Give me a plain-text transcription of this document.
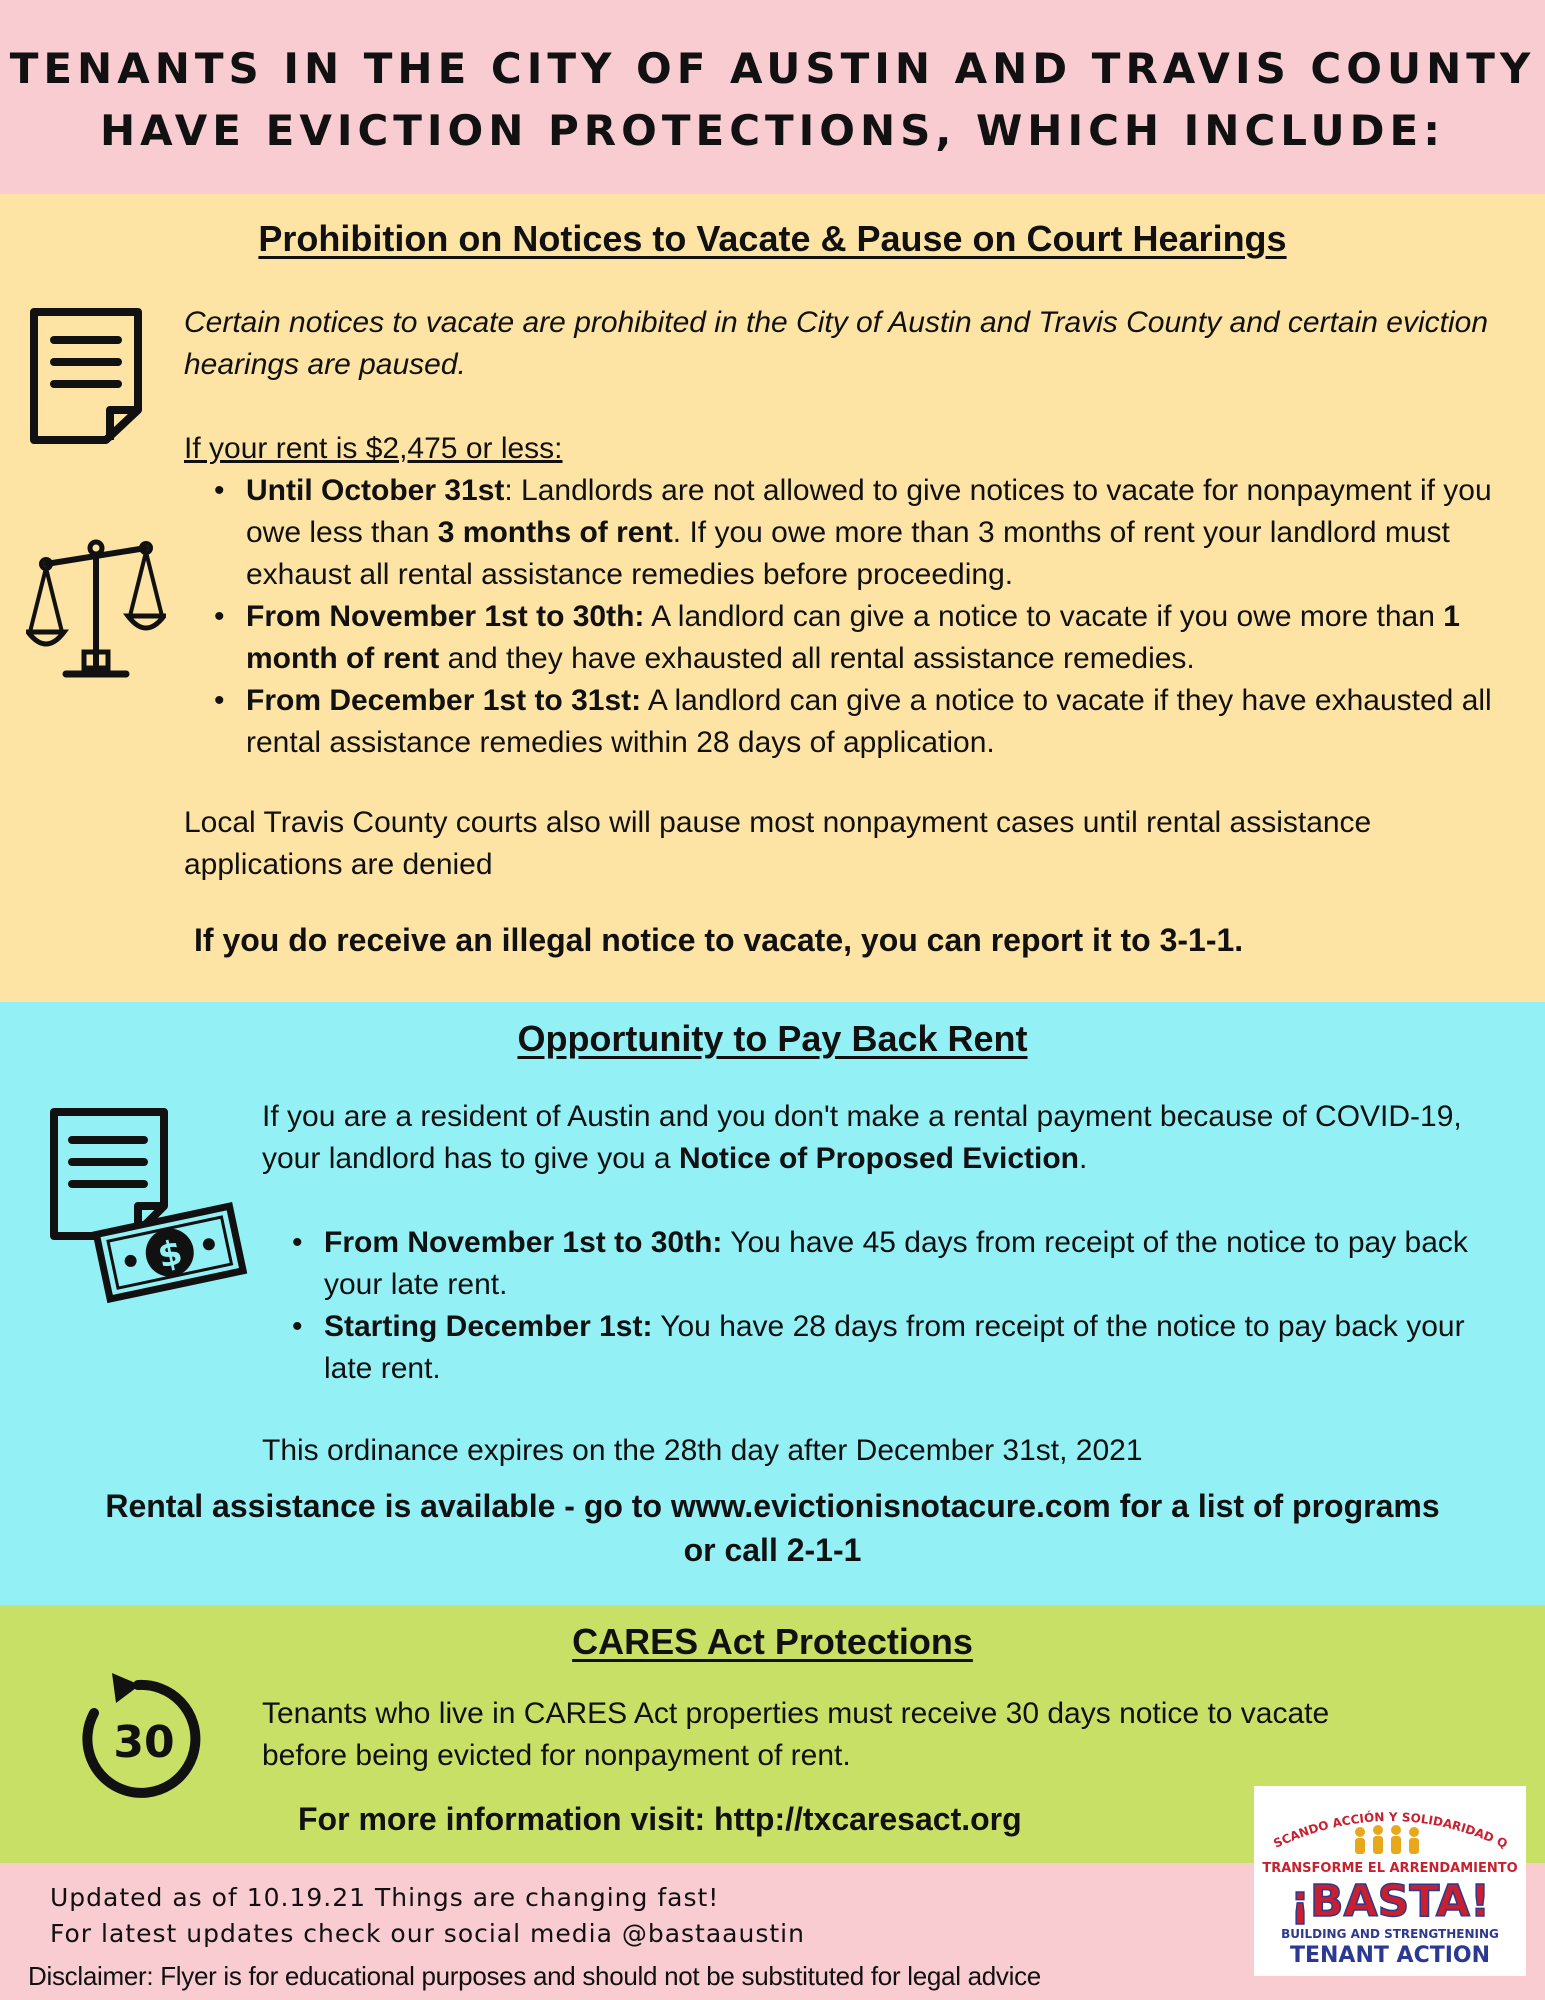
TENANTS IN THE CITY OF AUSTIN AND TRAVIS COUNTY
HAVE EVICTION PROTECTIONS, WHICH INCLUDE:
Prohibition on Notices to Vacate & Pause on Court Hearings

Certain notices to vacate are prohibited in the City of Austin and Travis County and certain eviction hearings are paused.

If your rent is $2,475 or less:

• Until October 31st: Landlords are not allowed to give notices to vacate for nonpayment if you owe less than 3 months of rent. If you owe more than 3 months of rent your landlord must exhaust all rental assistance remedies before proceeding.
• From November 1st to 30th: A landlord can give a notice to vacate if you owe more than 1 month of rent and they have exhausted all rental assistance remedies.
• From December 1st to 31st: A landlord can give a notice to vacate if they have exhausted all rental assistance remedies within 28 days of application.

Local Travis County courts also will pause most nonpayment cases until rental assistance applications are denied

If you do receive an illegal notice to vacate, you can report it to 3-1-1.

Opportunity to Pay Back Rent
$

If you are a resident of Austin and you don't make a rental payment because of COVID-19, your landlord has to give you a Notice of Proposed Eviction.

• From November 1st to 30th: You have 45 days from receipt of the notice to pay back your late rent.
• Starting December 1st: You have 28 days from receipt of the notice to pay back your late rent.

This ordinance expires on the 28th day after December 31st, 2021

Rental assistance is available - go to www.evictionisnotacure.com for a list of programs or call 2-1-1

CARES Act Protections
30

Tenants who live in CARES Act properties must receive 30 days notice to vacate before being evicted for nonpayment of rent.

For more information visit: http://txcaresact.org

Updated as of 10.19.21 Things are changing fast!

For latest updates check our social media @bastaaustin

Disclaimer: Flyer is for educational purposes and should not be substituted for legal advice

SCANDO ACCIÓN Y SOLIDARIDAD Q
TRANSFORME EL ARRENDAMIENTO
¡BASTA!
BUILDING AND STRENGTHENING
TENANT ACTION
